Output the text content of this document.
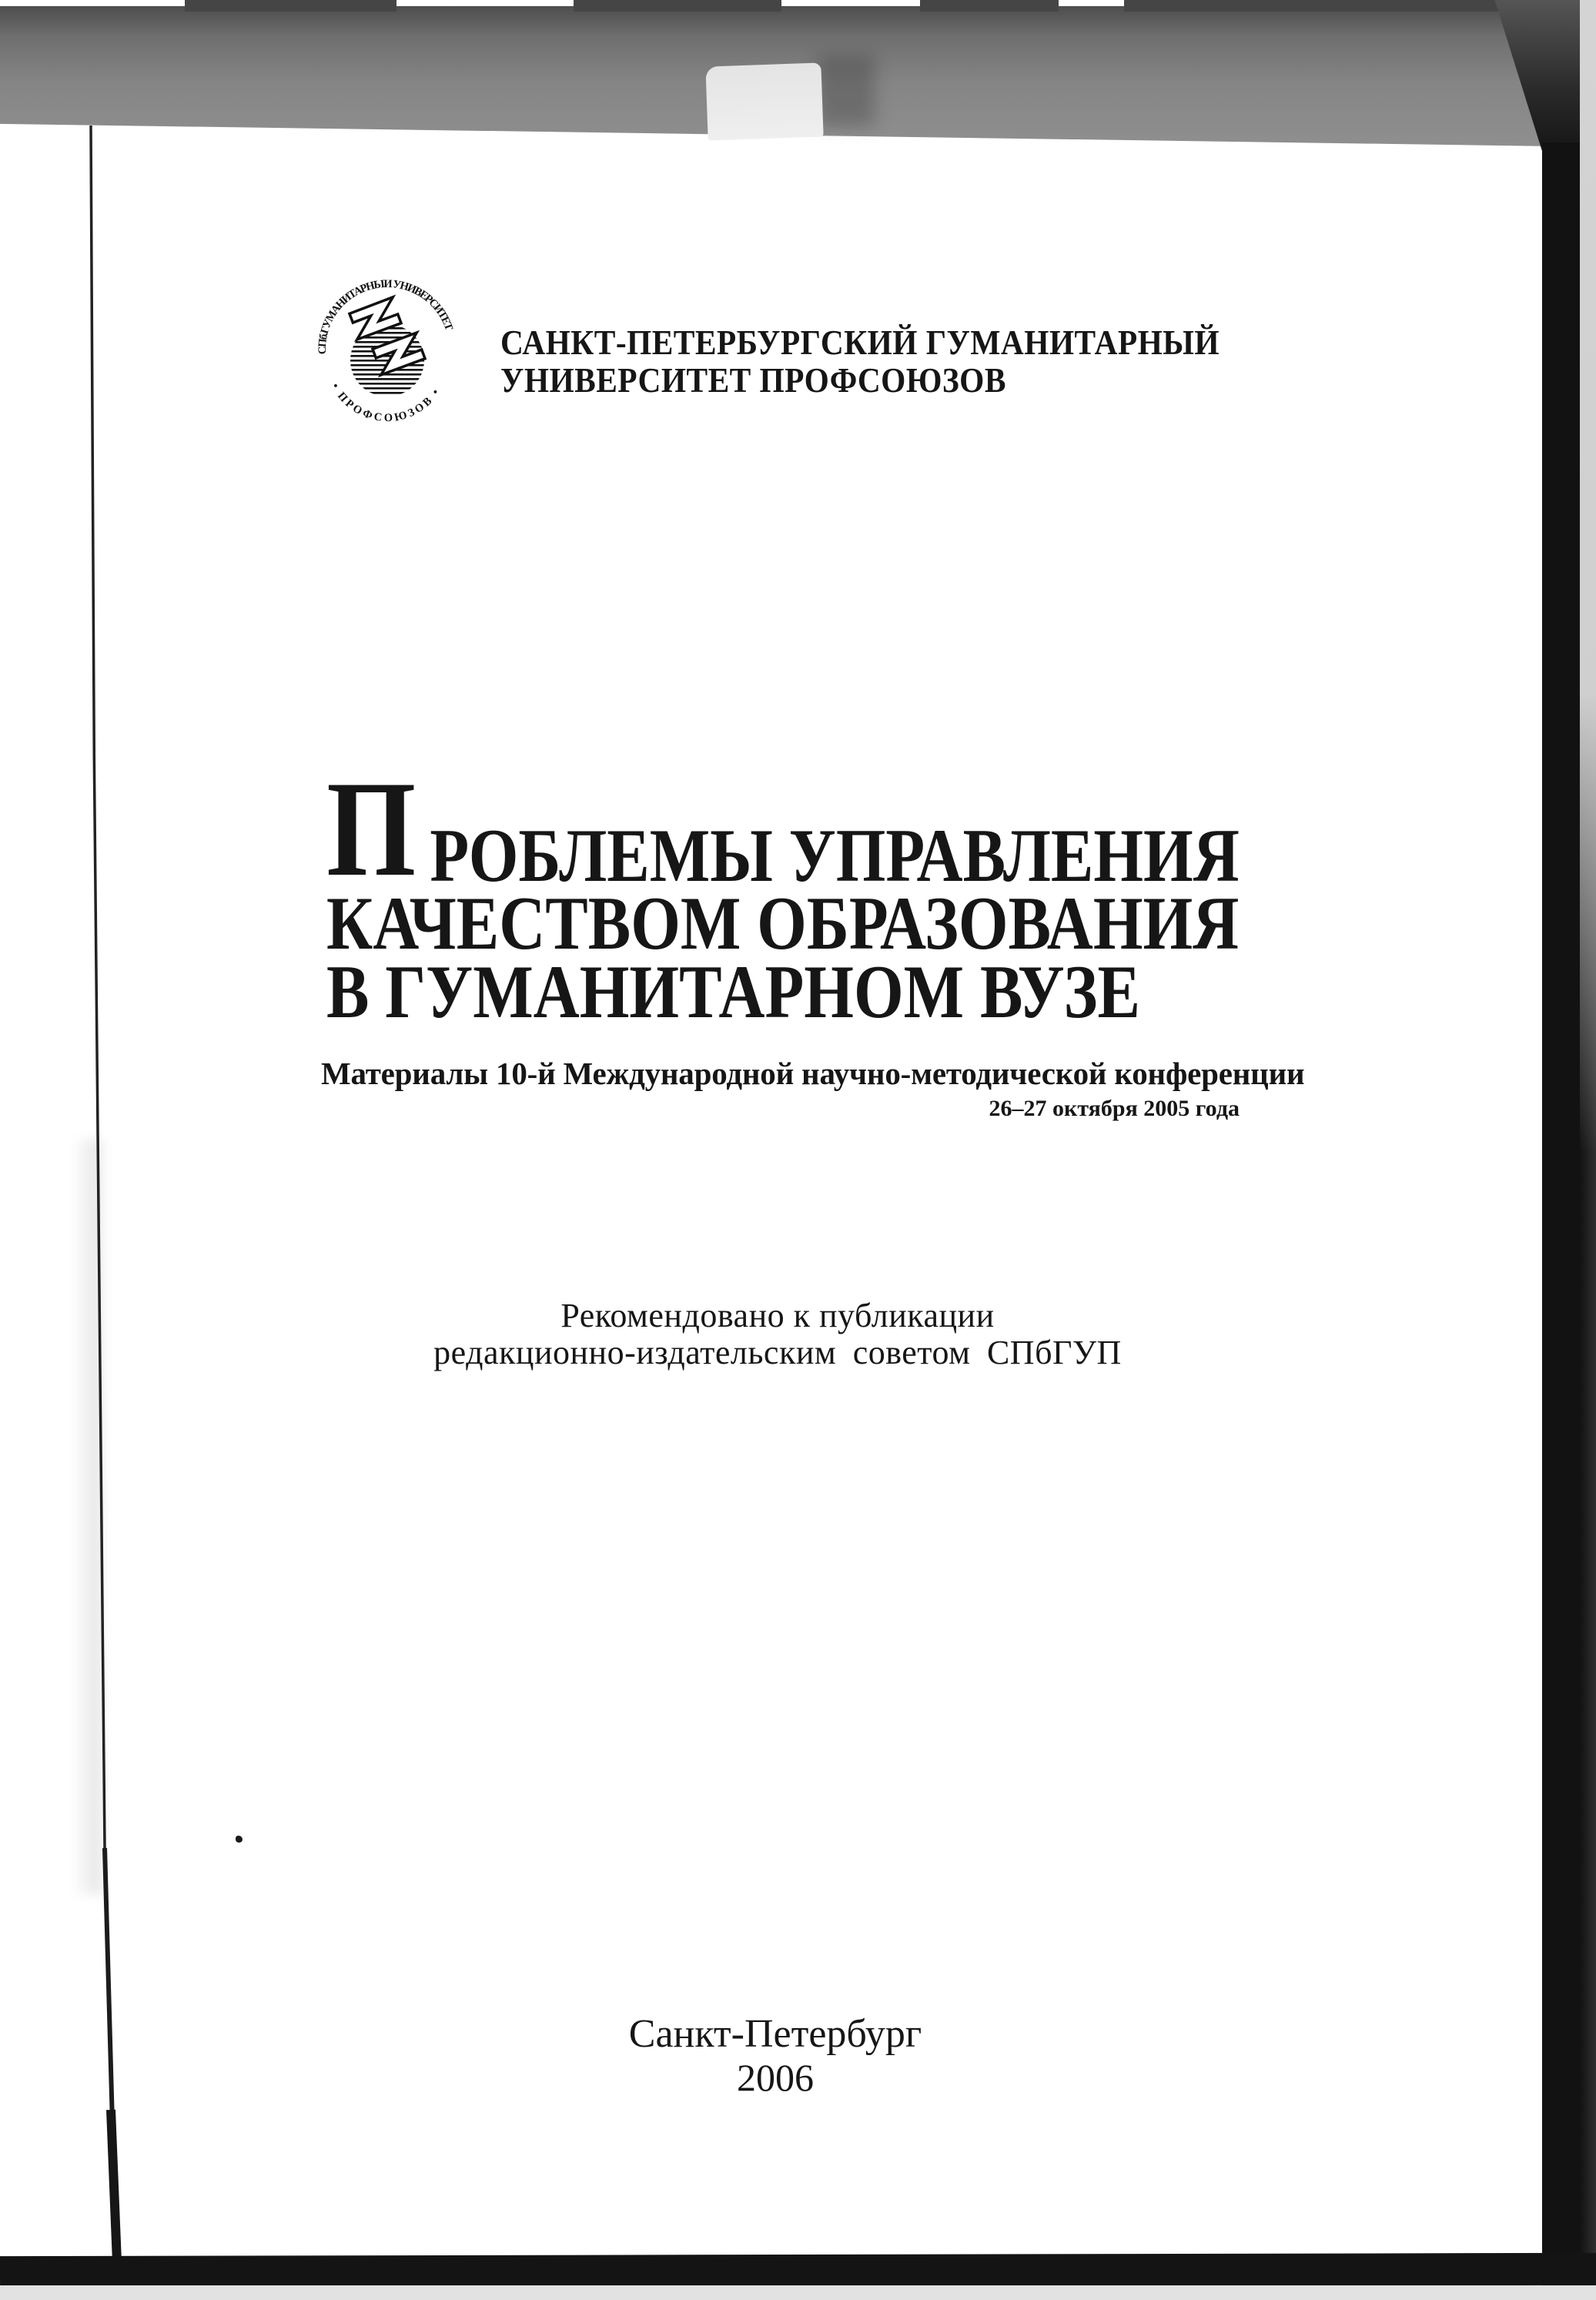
СПб.ГУМАНИТАРНЫЙ УНИВЕРСИТЕТ
• ПРОФСОЮЗОВ •
САНКТ-ПЕТЕРБУРГСКИЙ ГУМАНИТАРНЫЙ
УНИВЕРСИТЕТ ПРОФСОЮЗОВ
П РОБЛЕМЫ УПРАВЛЕНИЯ
КАЧЕСТВОМ ОБРАЗОВАНИЯ
В ГУМАНИТАРНОМ ВУЗЕ
Материалы 10-й Международной научно-методической конференции
26–27 октября 2005 года
Рекомендовано к публикации
редакционно-издательским советом СПбГУП
Санкт-Петербург
2006
